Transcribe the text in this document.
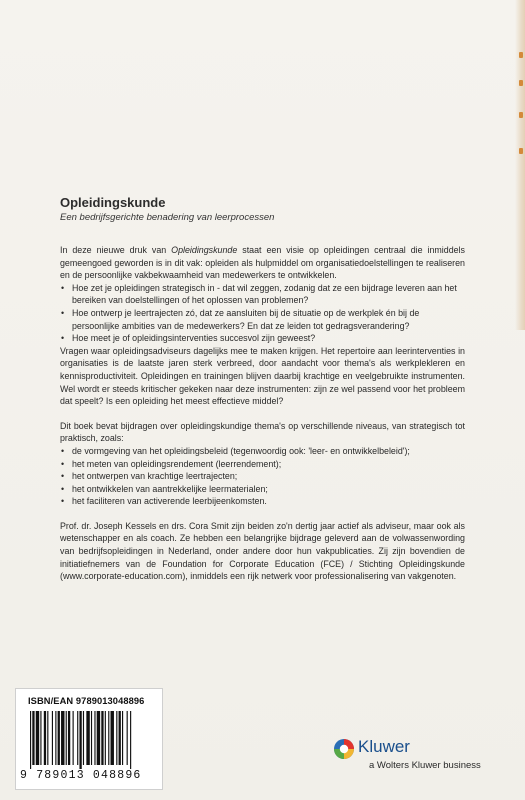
Opleidingskunde

Een bedrijfsgerichte benadering van leerprocessen

In deze nieuwe druk van Opleidingskunde staat een visie op opleidingen centraal die inmiddels gemeengoed geworden is in dit vak: opleiden als hulpmiddel om organisatiedoelstellingen te realiseren en de persoonlijke vakbekwaamheid van medewerkers te ontwikkelen.

• Hoe zet je opleidingen strategisch in - dat wil zeggen, zodanig dat ze een bijdrage leveren aan het bereiken van doelstellingen of het oplossen van problemen?
• Hoe ontwerp je leertrajecten zó, dat ze aansluiten bij de situatie op de werkplek én bij de persoonlijke ambities van de medewerkers? En dat ze leiden tot gedragsverandering?
• Hoe meet je of opleidingsinterventies succesvol zijn geweest?

Vragen waar opleidingsadviseurs dagelijks mee te maken krijgen. Het repertoire aan leerinterventies in organisaties is de laatste jaren sterk verbreed, door aandacht voor thema's als werkplekleren en kennisproductiviteit. Opleidingen en trainingen blijven daarbij krachtige en veelgebruikte instrumenten. Wel wordt er steeds kritischer gekeken naar deze instrumenten: zijn ze wel passend voor het probleem dat speelt? Is een opleiding het meest effectieve middel?

Dit boek bevat bijdragen over opleidingskundige thema's op verschillende niveaus, van strategisch tot praktisch, zoals:

• de vormgeving van het opleidingsbeleid (tegenwoordig ook: 'leer- en ontwikkelbeleid');
• het meten van opleidingsrendement (leerrendement);
• het ontwerpen van krachtige leertrajecten;
• het ontwikkelen van aantrekkelijke leermaterialen;
• het faciliteren van activerende leerbijeenkomsten.

Prof. dr. Joseph Kessels en drs. Cora Smit zijn beiden zo'n dertig jaar actief als adviseur, maar ook als wetenschapper en als coach. Ze hebben een belangrijke bijdrage geleverd aan de volwassenwording van bedrijfsopleidingen in Nederland, onder andere door hun vakpublicaties. Zij zijn bovendien de initiatiefnemers van de Foundation for Corporate Education (FCE) / Stichting Opleidingskunde (www.corporate-education.com), inmiddels een rijk netwerk voor professionalisering van vakgenoten.

ISBN/EAN 9789013048896
9 789013 048896
Kluwer
a Wolters Kluwer business
